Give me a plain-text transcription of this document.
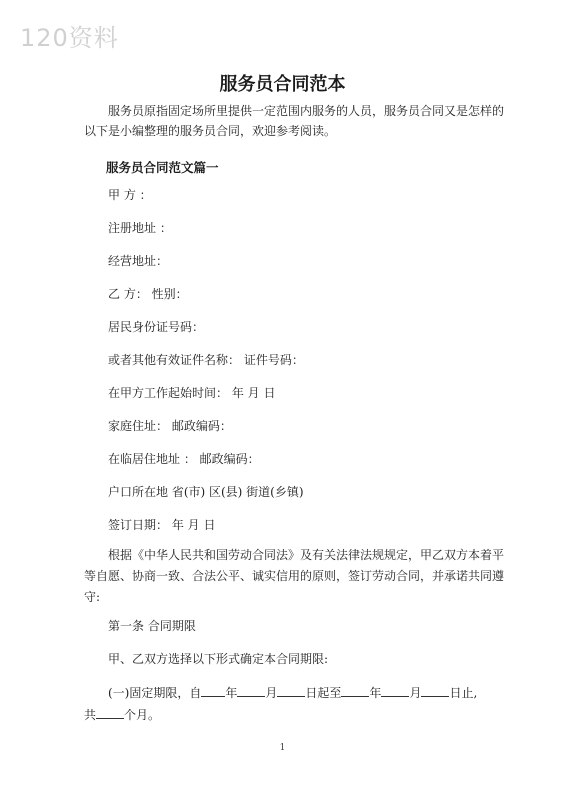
120资料
服务员合同范本
服务员原指固定场所里提供一定范围内服务的人员，服务员合同又是怎样的 以下是小编整理的服务员合同，欢迎参考阅读。
服务员合同范文篇一
甲 方 ：
注册地址 ：
经营地址：
乙 方： 性别：
居民身份证号码：
或者其他有效证件名称： 证件号码：
在甲方工作起始时间： 年 月 日
家庭住址： 邮政编码：
在临居住地址 ： 邮政编码：
户口所在地 省(市) 区(县) 街道(乡镇)
签订日期： 年 月 日
根据《中华人民共和国劳动合同法》及有关法律法规规定，甲乙双方本着平等自愿、协商一致、合法公平、诚实信用的原则，签订劳动合同，并承诺共同遵守:
第一条 合同期限
甲、乙双方选择以下形式确定本合同期限:
(一)固定期限，自 年 月 日起至 年 月 日止,
共 个月。
1
